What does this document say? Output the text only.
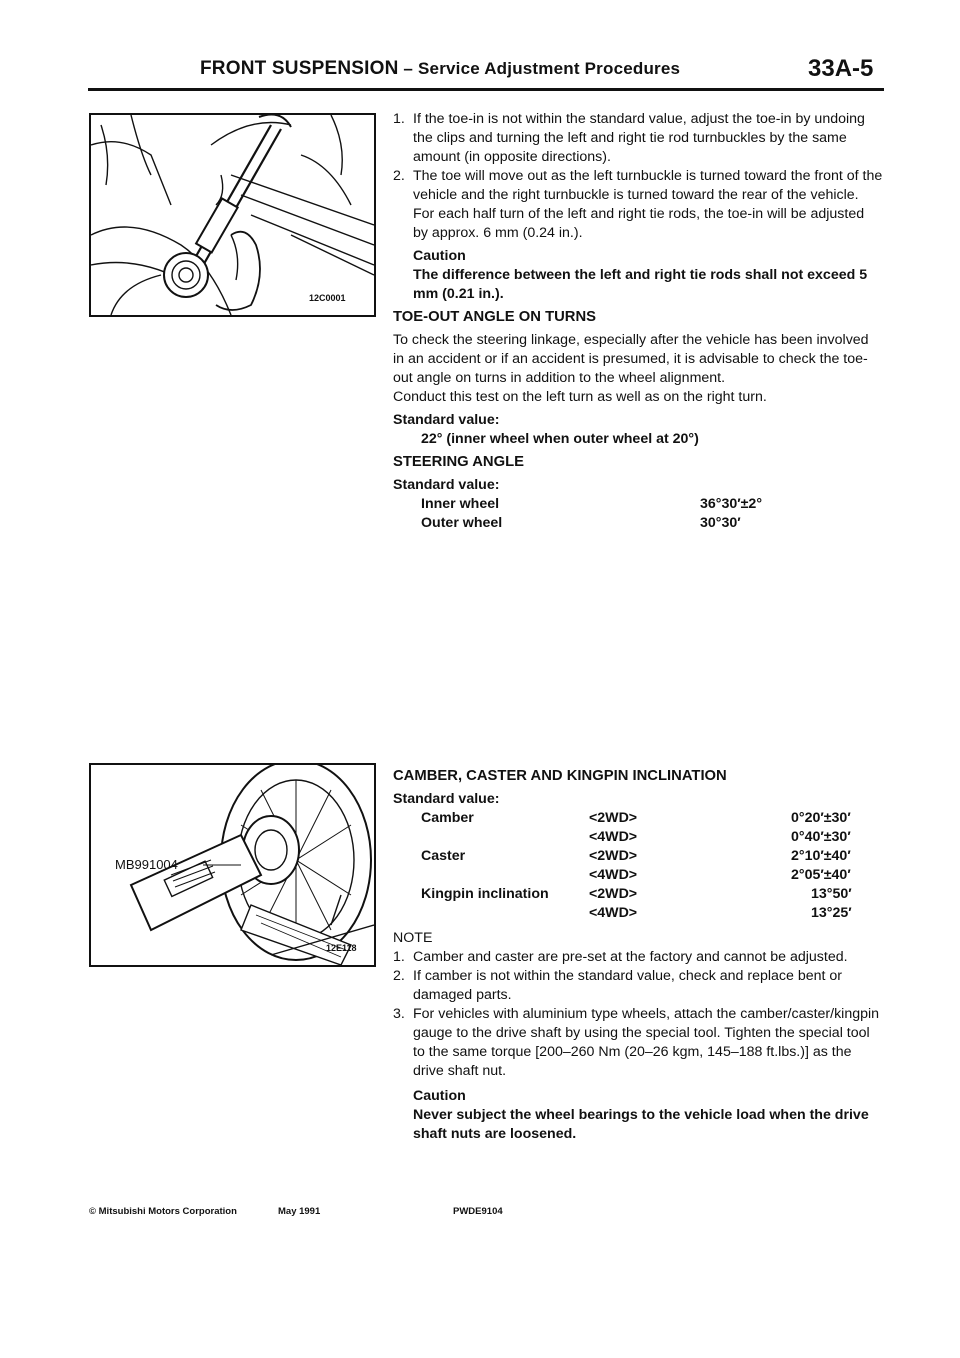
FRONT SUSPENSION – Service Adjustment Procedures	33A-5
12C0001
MB991004
12E118
1. If the toe-in is not within the standard value, adjust the toe-in by undoing the clips and turning the left and right tie rod turnbuckles by the same amount (in opposite directions).
2. The toe will move out as the left turnbuckle is turned toward the front of the vehicle and the right turnbuckle is turned toward the rear of the vehicle.
For each half turn of the left and right tie rods, the toe-in will be adjusted by approx. 6 mm (0.24 in.).
Caution
The difference between the left and right tie rods shall not exceed 5 mm (0.21 in.).
TOE-OUT ANGLE ON TURNS
To check the steering linkage, especially after the vehicle has been involved in an accident or if an accident is presumed, it is advisable to check the toe-out angle on turns in addition to the wheel alignment.
Conduct this test on the left turn as well as on the right turn.
Standard value:
22° (inner wheel when outer wheel at 20°)
STEERING ANGLE
Standard value:
Inner wheel	36°30′±2°
Outer wheel	30°30′
CAMBER, CASTER AND KINGPIN INCLINATION
Standard value:
Camber	<2WD>	0°20′±30′
<4WD>	0°40′±30′
Caster	<2WD>	2°10′±40′
<4WD>	2°05′±40′
Kingpin inclination	<2WD>	13°50′
<4WD>	13°25′
NOTE
1. Camber and caster are pre-set at the factory and cannot be adjusted.
2. If camber is not within the standard value, check and replace bent or damaged parts.
3. For vehicles with aluminium type wheels, attach the camber/caster/kingpin gauge to the drive shaft by using the special tool. Tighten the special tool to the same torque [200–260 Nm (20–26 kgm, 145–188 ft.lbs.)] as the drive shaft nut.
Caution
Never subject the wheel bearings to the vehicle load when the drive shaft nuts are loosened.
© Mitsubishi Motors Corporation	May 1991	PWDE9104
